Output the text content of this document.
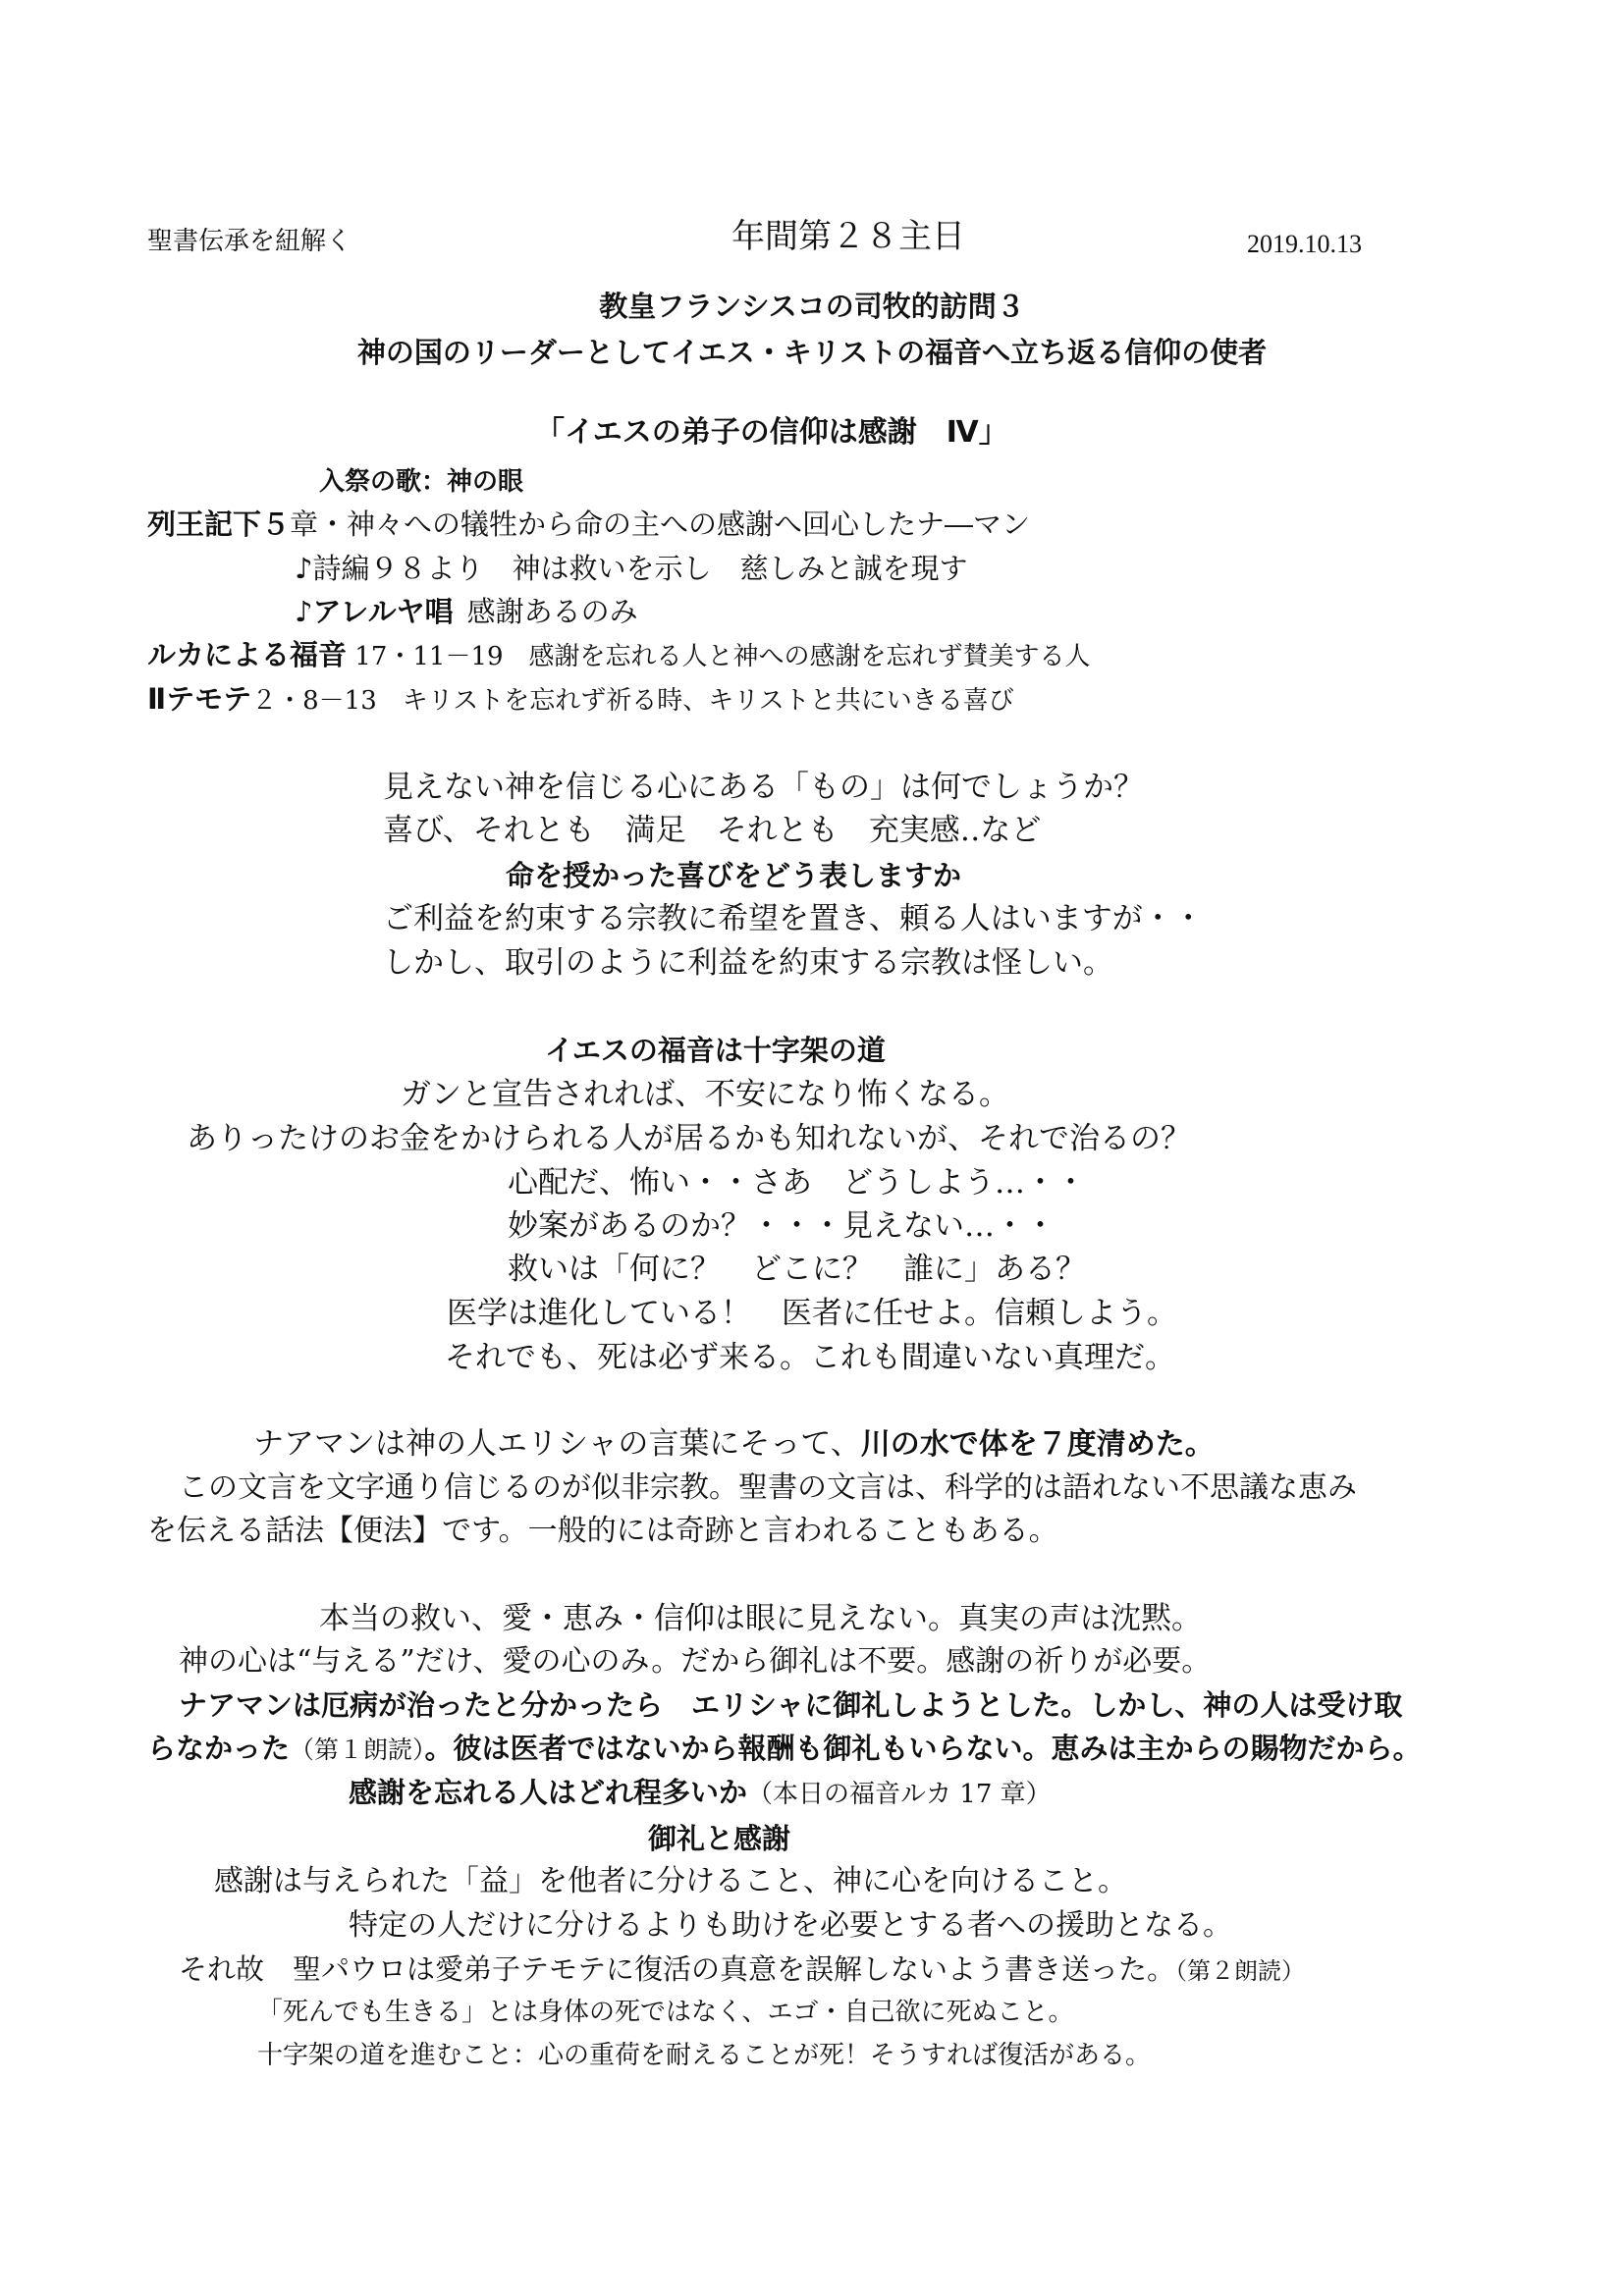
聖書伝承を紐解く	年間第２８主日	2019.10.13
教皇フランシスコの司牧的訪問３
神の国のリーダーとしてイエス・キリストの福音へ立ち返る信仰の使者
「イエスの弟子の信仰は感謝　Ⅳ」
入祭の歌：神の眼
列王記下５章・神々への犠牲から命の主への感謝へ回心したナ―マン
♪詩編９８より　神は救いを示し　慈しみと誠を現す
♪アレルヤ唱 感謝あるのみ
ルカによる福音 17・11－19　感謝を忘れる人と神への感謝を忘れず賛美する人
Ⅱテモテ２・8－13　キリストを忘れず祈る時、キリストと共にいきる喜び
見えない神を信じる心にある「もの」は何でしょうか？
喜び、それとも　満足　それとも　充実感‥など
命を授かった喜びをどう表しますか
ご利益を約束する宗教に希望を置き、頼る人はいますが・・
しかし、取引のように利益を約束する宗教は怪しい。
イエスの福音は十字架の道
ガンと宣告されれば、不安になり怖くなる。
ありったけのお金をかけられる人が居るかも知れないが、それで治るの？
心配だ、怖い・・さあ　どうしよう…・・
妙案があるのか？・・・見えない…・・
救いは「何に？　どこに？　誰に」ある？
医学は進化している！　医者に任せよ。信頼しよう。
それでも、死は必ず来る。これも間違いない真理だ。
ナアマンは神の人エリシャの言葉にそって、川の水で体を７度清めた。
この文言を文字通り信じるのが似非宗教。聖書の文言は、科学的は語れない不思議な恵み
を伝える話法【便法】です。一般的には奇跡と言われることもある。
本当の救い、愛・恵み・信仰は眼に見えない。真実の声は沈黙。
神の心は“与える”だけ、愛の心のみ。だから御礼は不要。感謝の祈りが必要。
ナアマンは厄病が治ったと分かったら　エリシャに御礼しようとした。しかし、神の人は受け取
らなかった（第１朗読）。彼は医者ではないから報酬も御礼もいらない。恵みは主からの賜物だから。
感謝を忘れる人はどれ程多いか（本日の福音ルカ 17 章）
御礼と感謝
感謝は与えられた「益」を他者に分けること、神に心を向けること。
特定の人だけに分けるよりも助けを必要とする者への援助となる。
それ故　聖パウロは愛弟子テモテに復活の真意を誤解しないよう書き送った。（第２朗読）
「死んでも生きる」とは身体の死ではなく、エゴ・自己欲に死ぬこと。
十字架の道を進むこと：心の重荷を耐えることが死！そうすれば復活がある。
